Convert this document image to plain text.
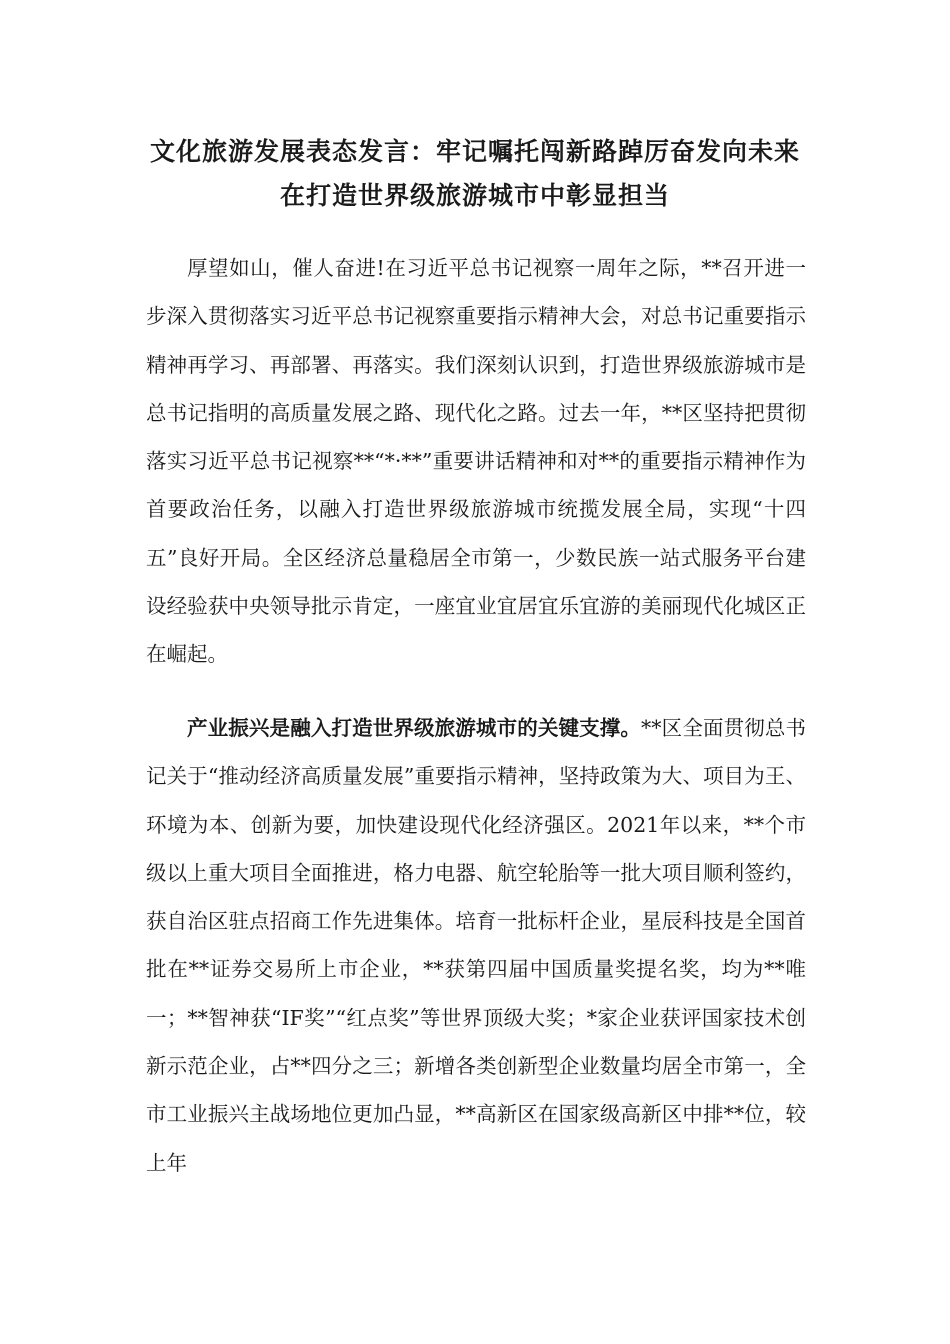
文化旅游发展表态发言：牢记嘱托闯新路踔厉奋发向未来
在打造世界级旅游城市中彰显担当

厚望如山，催人奋进!在习近平总书记视察一周年之际，**召开进一步深入贯彻落实习近平总书记视察重要指示精神大会，对总书记重要指示精神再学习、再部署、再落实。我们深刻认识到，打造世界级旅游城市是总书记指明的高质量发展之路、现代化之路。过去一年，**区坚持把贯彻落实习近平总书记视察**“*·**”重要讲话精神和对**的重要指示精神作为首要政治任务，以融入打造世界级旅游城市统揽发展全局，实现“十四五”良好开局。全区经济总量稳居全市第一，少数民族一站式服务平台建设经验获中央领导批示肯定，一座宜业宜居宜乐宜游的美丽现代化城区正在崛起。

产业振兴是融入打造世界级旅游城市的关键支撑。**区全面贯彻总书记关于“推动经济高质量发展”重要指示精神，坚持政策为大、项目为王、环境为本、创新为要，加快建设现代化经济强区。2021年以来，**个市级以上重大项目全面推进，格力电器、航空轮胎等一批大项目顺利签约，获自治区驻点招商工作先进集体。培育一批标杆企业，星辰科技是全国首批在**证券交易所上市企业，**获第四届中国质量奖提名奖，均为**唯一；**智神获“IF奖”“红点奖”等世界顶级大奖；*家企业获评国家技术创新示范企业，占**四分之三；新增各类创新型企业数量均居全市第一，全市工业振兴主战场地位更加凸显，**高新区在国家级高新区中排**位，较上年
